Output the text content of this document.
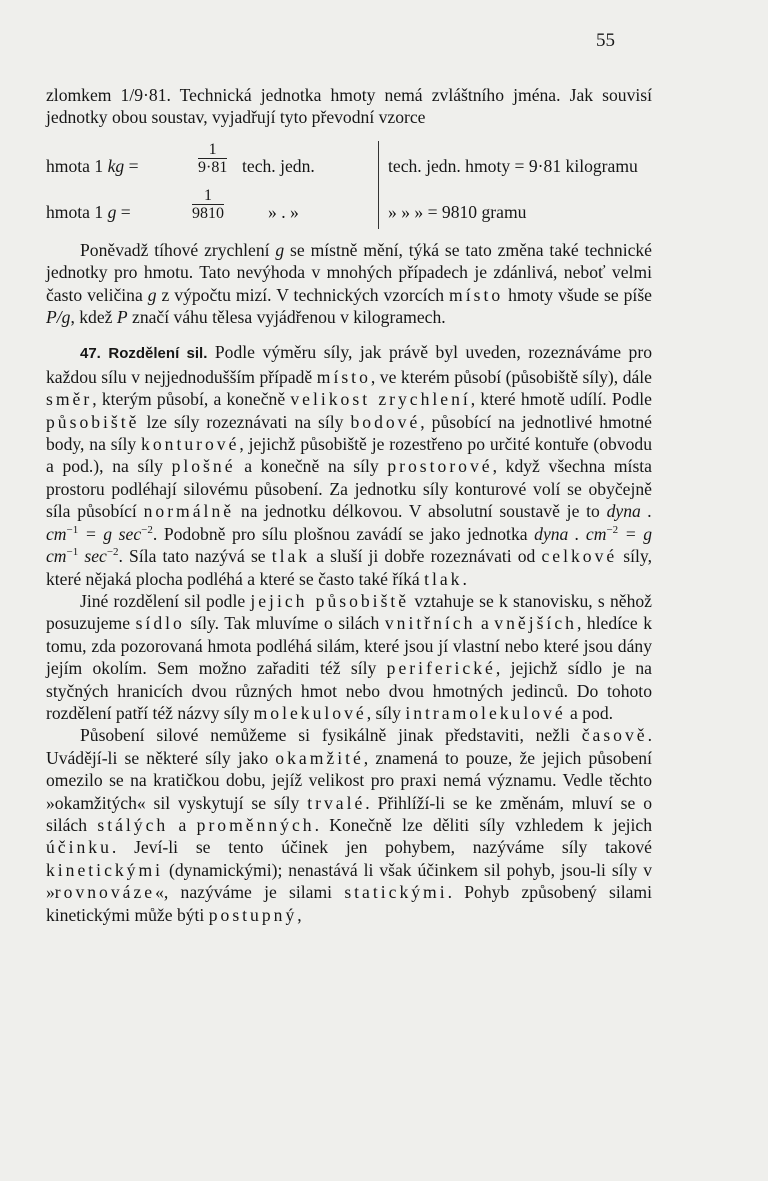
55

zlomkem 1/9·81. Technická jednotka hmoty nemá zvláštního jména. Jak souvisí jednotky obou soustav, vyjadřují tyto převodní vzorce

hmota 1 kg =	$\frac{1}{9\cdot 81}$ tech. jedn.	tech. jedn. hmoty = 9·81 kilogramu
hmota 1 g =	$\frac{1}{9810}$	» . »	» » » = 9810 gramu

Poněvadž tíhové zrychlení g se místně mění, týká se tato změna také technické jednotky pro hmotu. Tato nevýhoda v mnohých případech je zdánlivá, neboť velmi často veličina g z výpočtu mizí. V technických vzorcích místo hmoty všude se píše P/g, kdež P značí váhu tělesa vyjádřenou v kilogramech.

47. Rozdělení sil. Podle výměru síly, jak právě byl uveden, rozeznáváme pro každou sílu v nejjednodušším případě místo, ve kterém působí (působiště síly), dále směr, kterým působí, a konečně velikost zrychlení, které hmotě udílí. Podle působiště lze síly rozeznávati na síly bodové, působící na jednotlivé hmotné body, na síly konturové, jejichž působiště je rozestřeno po určité kontuře (obvodu a pod.), na síly plošné a konečně na síly prostorové, když všechna místa prostoru podléhají silovému působení. Za jednotku síly konturové volí se obyčejně síla působící normálně na jednotku délkovou. V absolutní soustavě je to dyna . $cm^{-1} = g$ $\sec^{-2}$. Podobně pro sílu plošnou zavádí se jako jednotka dyna . $cm^{-2} = g$ $cm^{-1}$ $\sec^{-2}$. Síla tato nazývá se tlak a sluší ji dobře rozeznávati od celkové síly, které nějaká plocha podléhá a které se často také říká tlak.

Jiné rozdělení sil podle jejich působiště vztahuje se k stanovisku, s něhož posuzujeme sídlo síly. Tak mluvíme o silách vnitřních a vnějších, hledíce k tomu, zda pozorovaná hmota podléhá silám, které jsou jí vlastní nebo které jsou dány jejím okolím. Sem možno zařaditi též síly periferické, jejichž sídlo je na styčných hranicích dvou různých hmot nebo dvou hmotných jedinců. Do tohoto rozdělení patří též názvy síly molekulové, síly intramolekulové a pod.

Působení silové nemůžeme si fysikálně jinak představiti, nežli časově. Uvádějí-li se některé síly jako okamžité, znamená to pouze, že jejich působení omezilo se na kratičkou dobu, jejíž velikost pro praxi nemá významu. Vedle těchto »okamžitých« sil vyskytují se síly trvalé. Přihlíží-li se ke změnám, mluví se o silách stálých a proměnných. Konečně lze děliti síly vzhledem k jejich účinku. Jeví-li se tento účinek jen pohybem, nazýváme síly takové kinetickými (dynamickými); nenastává li však účinkem sil pohyb, jsou-li síly v »rovnováze«, nazýváme je silami statickými. Pohyb způsobený silami kinetickými může býti postupný,
